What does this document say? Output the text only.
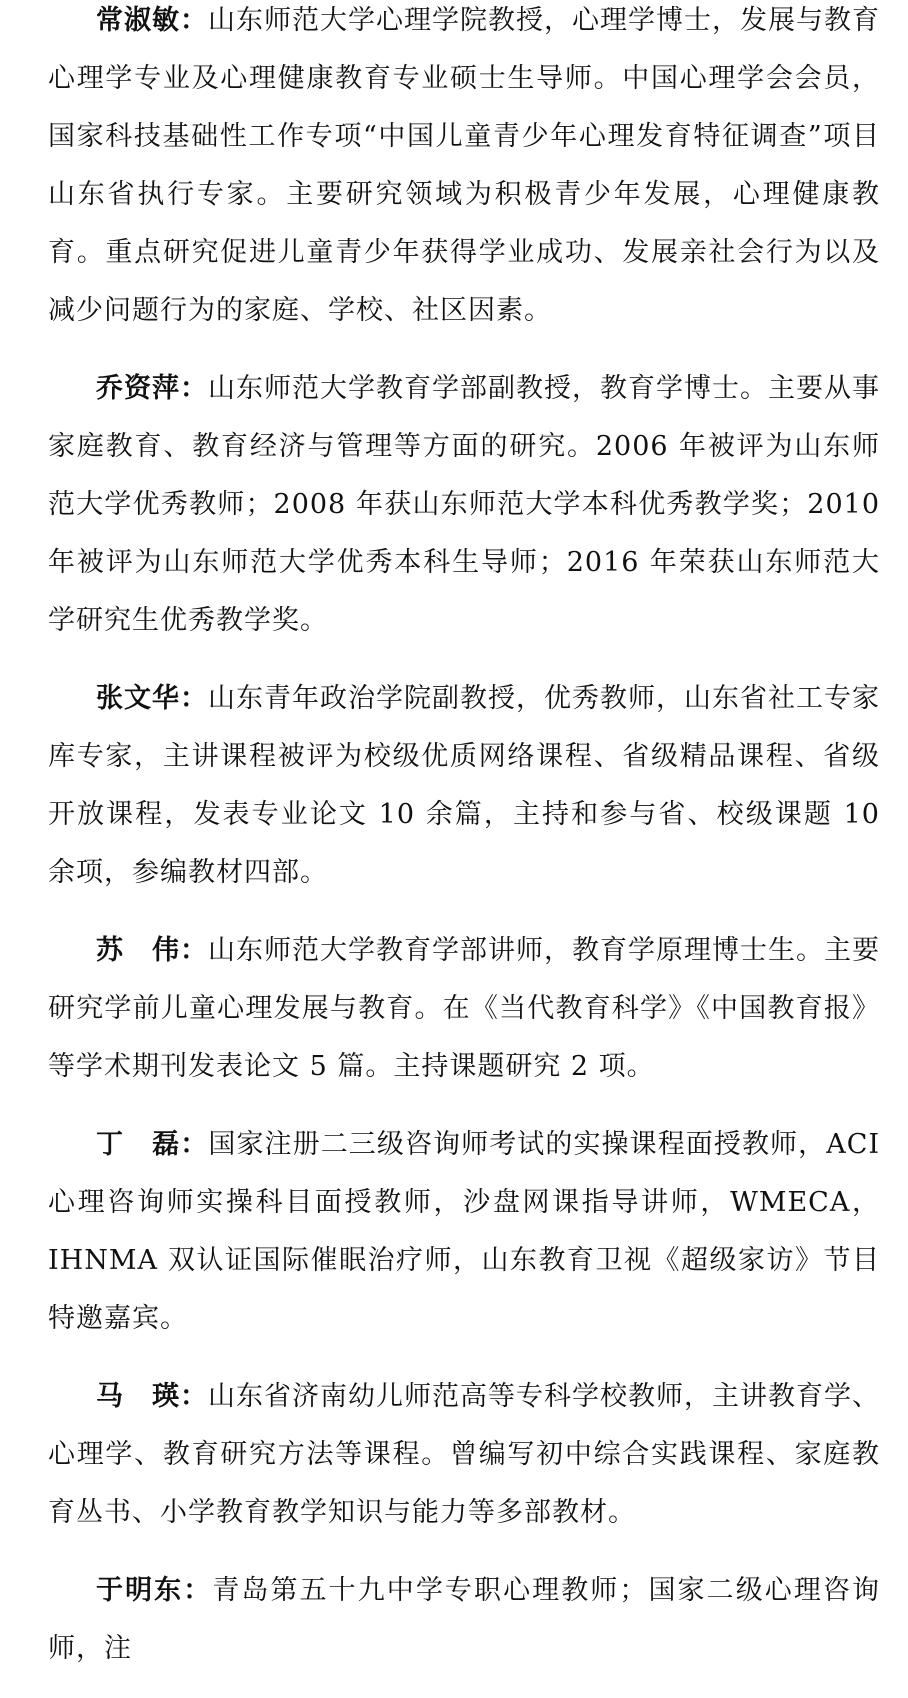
常淑敏：山东师范大学心理学院教授，心理学博士，发展与教育心理学专业及心理健康教育专业硕士生导师。中国心理学会会员，国家科技基础性工作专项“中国儿童青少年心理发育特征调查”项目山东省执行专家。主要研究领域为积极青少年发展，心理健康教育。重点研究促进儿童青少年获得学业成功、发展亲社会行为以及减少问题行为的家庭、学校、社区因素。

乔资萍：山东师范大学教育学部副教授，教育学博士。主要从事家庭教育、教育经济与管理等方面的研究。2006 年被评为山东师范大学优秀教师；2008 年获山东师范大学本科优秀教学奖；2010 年被评为山东师范大学优秀本科生导师；2016 年荣获山东师范大学研究生优秀教学奖。

张文华：山东青年政治学院副教授，优秀教师，山东省社工专家库专家，主讲课程被评为校级优质网络课程、省级精品课程、省级开放课程，发表专业论文 10 余篇，主持和参与省、校级课题 10 余项，参编教材四部。

苏　伟：山东师范大学教育学部讲师，教育学原理博士生。主要研究学前儿童心理发展与教育。在《当代教育科学》《中国教育报》等学术期刊发表论文 5 篇。主持课题研究 2 项。

丁　磊：国家注册二三级咨询师考试的实操课程面授教师，ACI 心理咨询师实操科目面授教师，沙盘网课指导讲师，WMECA，IHNMA 双认证国际催眠治疗师，山东教育卫视《超级家访》节目特邀嘉宾。

马　瑛：山东省济南幼儿师范高等专科学校教师，主讲教育学、心理学、教育研究方法等课程。曾编写初中综合实践课程、家庭教育丛书、小学教育教学知识与能力等多部教材。

于明东：青岛第五十九中学专职心理教师；国家二级心理咨询师，注
